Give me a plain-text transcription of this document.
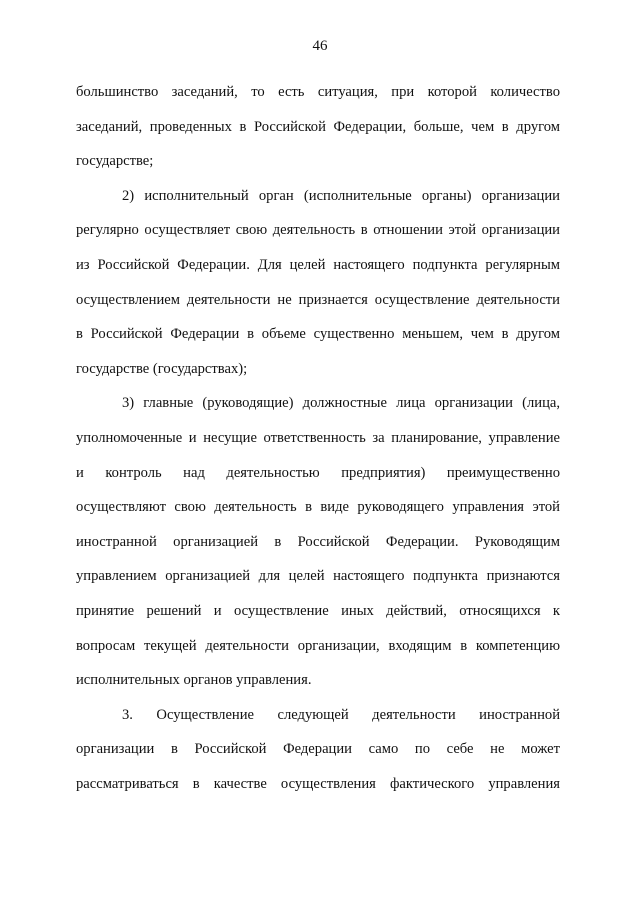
46
большинство заседаний, то есть ситуация, при которой количество
заседаний, проведенных в Российской Федерации, больше, чем в другом
государстве;
2) исполнительный орган (исполнительные органы) организации
регулярно осуществляет свою деятельность в отношении этой организации
из Российской Федерации. Для целей настоящего подпункта регулярным
осуществлением деятельности не признается осуществление деятельности
в Российской Федерации в объеме существенно меньшем, чем в другом
государстве (государствах);
3) главные (руководящие) должностные лица организации (лица,
уполномоченные и несущие ответственность за планирование, управление
и контроль над деятельностью предприятия) преимущественно
осуществляют свою деятельность в виде руководящего управления этой
иностранной организацией в Российской Федерации. Руководящим
управлением организацией для целей настоящего подпункта признаются
принятие решений и осуществление иных действий, относящихся к
вопросам текущей деятельности организации, входящим в компетенцию
исполнительных органов управления.
3. Осуществление следующей деятельности иностранной
организации в Российской Федерации само по себе не может
рассматриваться в качестве осуществления фактического управления
